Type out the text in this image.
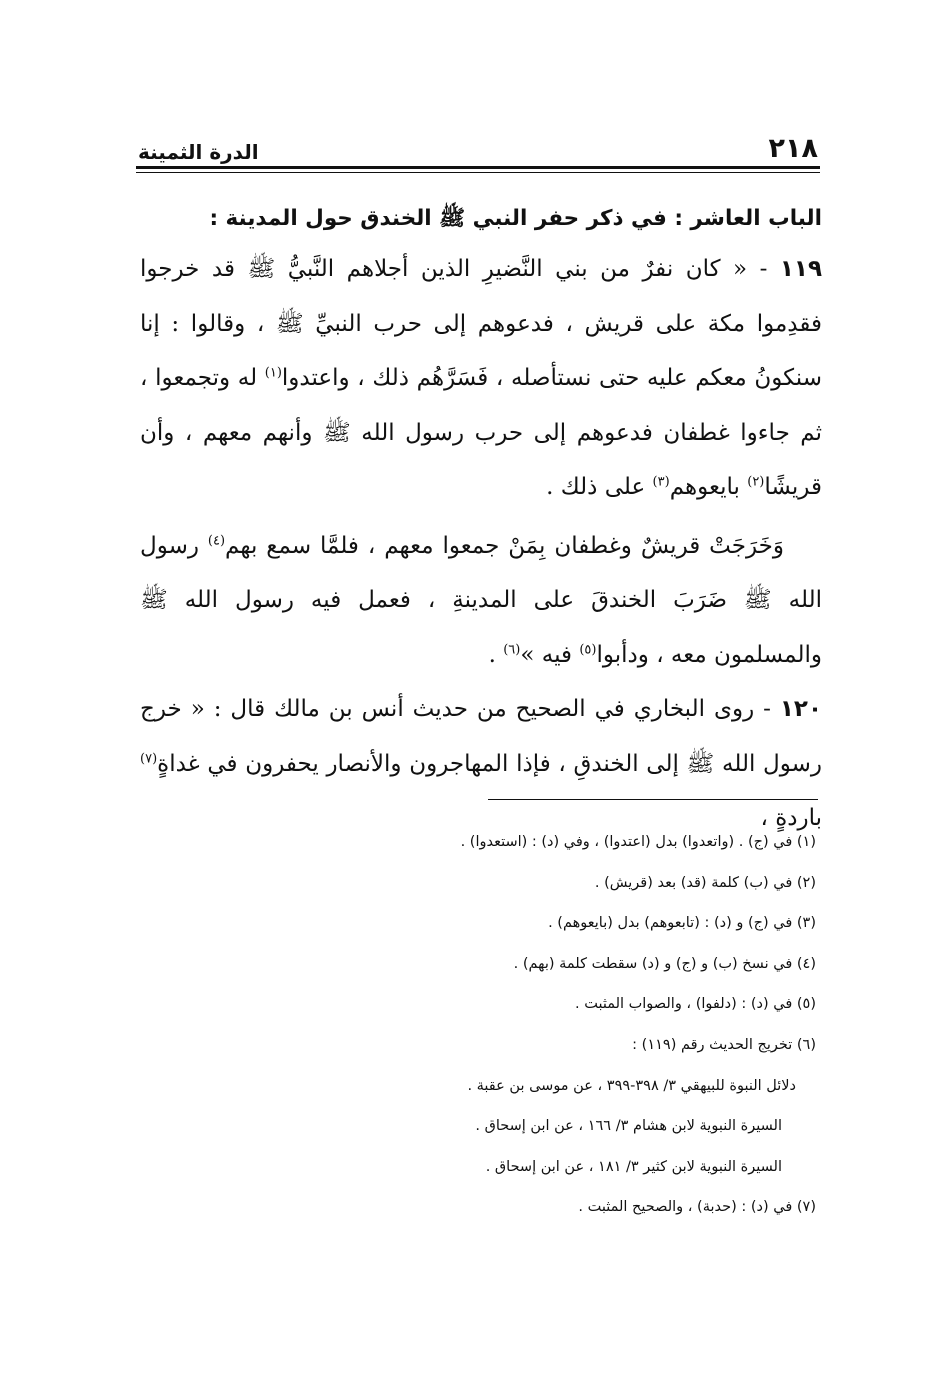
٢١٨
الدرة الثمينة

الباب العاشر : في ذكر حفر النبي ﷺ الخندق حول المدينة :

١١٩ - « كان نفرٌ من بني النَّضيرِ الذين أجلاهم النَّبيُّ ﷺ قد خرجوا فقدِموا مكة على قريش ، فدعوهم إلى حرب النبيِّ ﷺ ، وقالوا : إنا سنكونُ معكم عليه حتى نستأصله ، فَسَرَّهُم ذلك ، واعتدوا$^{(١)}$ له وتجمعوا ، ثم جاءوا غطفان فدعوهم إلى حرب رسول الله ﷺ وأنهم معهم ، وأن قريشًا$^{(٢)}$ بايعوهم$^{(٣)}$ على ذلك .

وَخَرَجَتْ قريشٌ وغطفان بِمَنْ جمعوا معهم ، فلمَّا سمع بهم$^{(٤)}$ رسول الله ﷺ ضَرَبَ الخندقَ على المدينةِ ، فعمل فيه رسول الله ﷺ والمسلمون معه ، ودأبوا$^{(٥)}$ فيه »$^{(٦)}$ .

١٢٠ - روى البخاري في الصحيح من حديث أنس بن مالك قال : « خرج رسول الله ﷺ إلى الخندقِ ، فإذا المهاجرون والأنصار يحفرون في غداةٍ$^{(٧)}$ باردةٍ ،

(١) في (ج) . (واتعدوا) بدل (اعتدوا) ، وفي (د) : (استعدوا) .
(٢) في (ب) كلمة (قد) بعد (قريش) .
(٣) في (ج) و (د) : (تابعوهم) بدل (بايعوهم) .
(٤) في نسخ (ب) و (ج) و (د) سقطت كلمة (بهم) .
(٥) في (د) : (دلفوا) ، والصواب المثبت .
(٦) تخريج الحديث رقم (١١٩) :
دلائل النبوة للبيهقي ٣/ ٣٩٨-٣٩٩ ، عن موسى بن عقبة .
السيرة النبوية لابن هشام ٣/ ١٦٦ ، عن ابن إسحاق .
السيرة النبوية لابن كثير ٣/ ١٨١ ، عن ابن إسحاق .
(٧) في (د) : (حدبة) ، والصحيح المثبت .
